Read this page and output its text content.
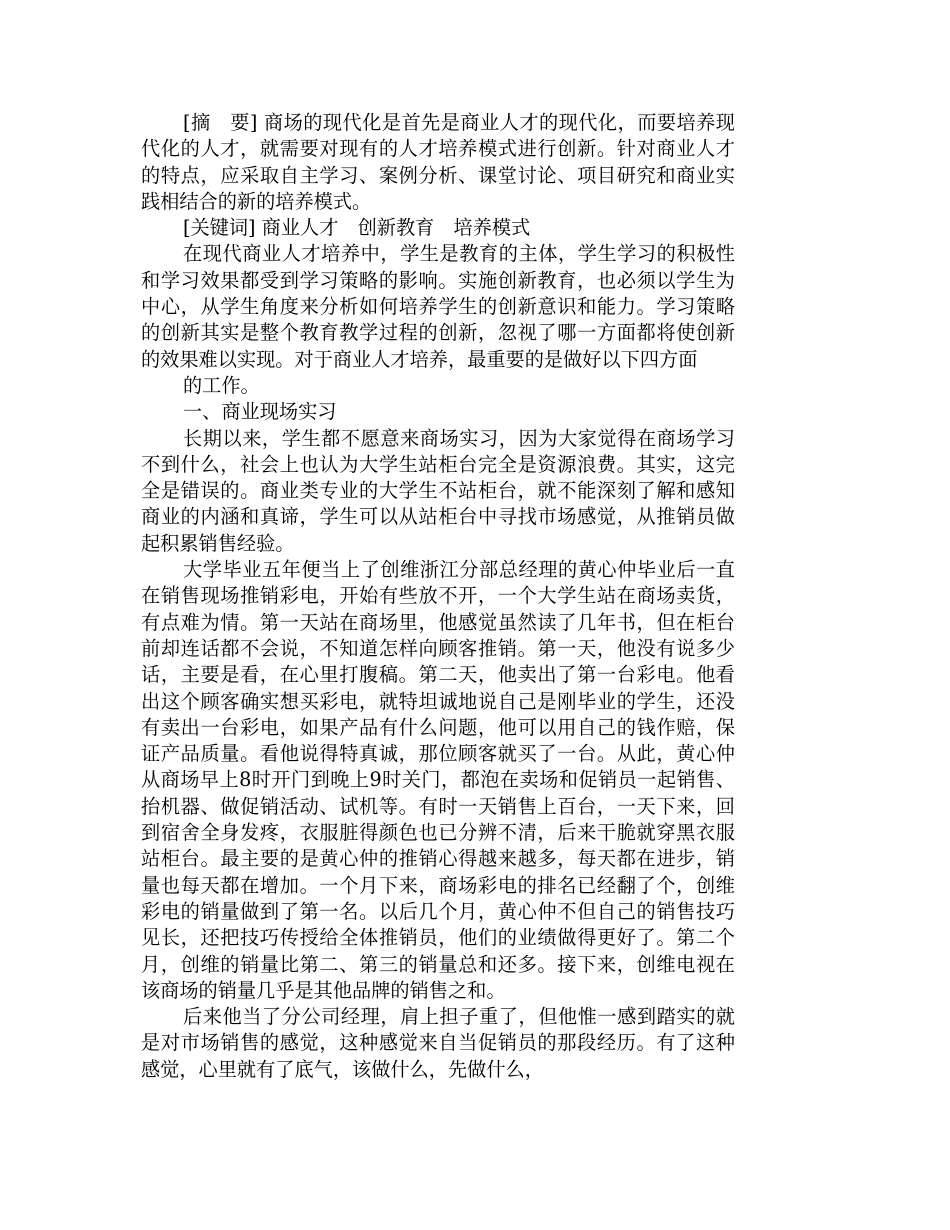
[摘　要] 商场的现代化是首先是商业人才的现代化，而要培养现代化的人才，就需要对现有的人才培养模式进行创新。针对商业人才的特点，应采取自主学习、案例分析、课堂讨论、项目研究和商业实践相结合的新的培养模式。

[关键词] 商业人才　创新教育　培养模式

在现代商业人才培养中，学生是教育的主体，学生学习的积极性和学习效果都受到学习策略的影响。实施创新教育，也必须以学生为中心，从学生角度来分析如何培养学生的创新意识和能力。学习策略的创新其实是整个教育教学过程的创新，忽视了哪一方面都将使创新的效果难以实现。对于商业人才培养，最重要的是做好以下四方面

的工作。

一、商业现场实习

长期以来，学生都不愿意来商场实习，因为大家觉得在商场学习不到什么，社会上也认为大学生站柜台完全是资源浪费。其实，这完全是错误的。商业类专业的大学生不站柜台，就不能深刻了解和感知商业的内涵和真谛，学生可以从站柜台中寻找市场感觉，从推销员做起积累销售经验。

大学毕业五年便当上了创维浙江分部总经理的黄心仲毕业后一直在销售现场推销彩电，开始有些放不开，一个大学生站在商场卖货，有点难为情。第一天站在商场里，他感觉虽然读了几年书，但在柜台前却连话都不会说，不知道怎样向顾客推销。第一天，他没有说多少话，主要是看，在心里打腹稿。第二天，他卖出了第一台彩电。他看出这个顾客确实想买彩电，就特坦诚地说自己是刚毕业的学生，还没有卖出一台彩电，如果产品有什么问题，他可以用自己的钱作赔，保证产品质量。看他说得特真诚，那位顾客就买了一台。从此，黄心仲从商场早上8时开门到晚上9时关门，都泡在卖场和促销员一起销售、抬机器、做促销活动、试机等。有时一天销售上百台，一天下来，回到宿舍全身发疼，衣服脏得颜色也已分辨不清，后来干脆就穿黑衣服站柜台。最主要的是黄心仲的推销心得越来越多，每天都在进步，销量也每天都在增加。一个月下来，商场彩电的排名已经翻了个，创维彩电的销量做到了第一名。以后几个月，黄心仲不但自己的销售技巧见长，还把技巧传授给全体推销员，他们的业绩做得更好了。第二个月，创维的销量比第二、第三的销量总和还多。接下来，创维电视在该商场的销量几乎是其他品牌的销售之和。

后来他当了分公司经理，肩上担子重了，但他惟一感到踏实的就是对市场销售的感觉，这种感觉来自当促销员的那段经历。有了这种感觉，心里就有了底气，该做什么，先做什么，
